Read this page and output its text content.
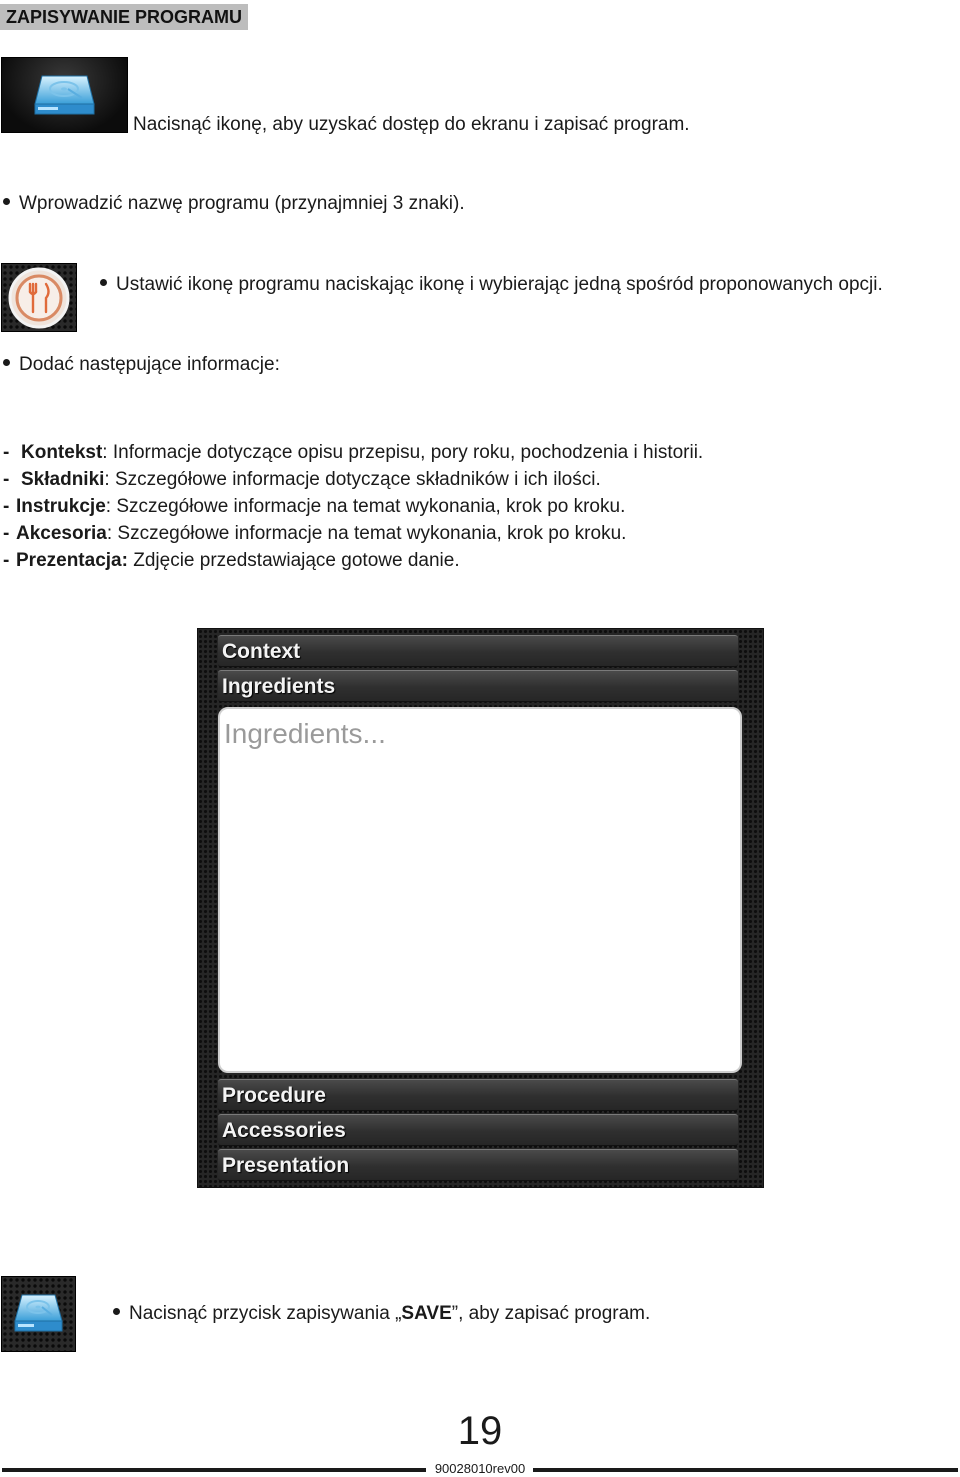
ZAPISYWANIE PROGRAMU
Nacisnąć ikonę, aby uzyskać dostęp do ekranu i zapisać program.
Wprowadzić nazwę programu (przynajmniej 3 znaki).
Ustawić ikonę programu naciskając ikonę i wybierając jedną spośród proponowanych opcji.
Dodać następujące informacje:
- Kontekst: Informacje dotyczące opisu przepisu, pory roku, pochodzenia i historii.
- Składniki: Szczegółowe informacje dotyczące składników i ich ilości.
- Instrukcje: Szczegółowe informacje na temat wykonania, krok po kroku.
- Akcesoria: Szczegółowe informacje na temat wykonania, krok po kroku.
- Prezentacja: Zdjęcie przedstawiające gotowe danie.
Context
Ingredients
Ingredients...
Procedure
Accessories
Presentation
Nacisnąć przycisk zapisywania „SAVE”, aby zapisać program.
19
90028010rev00
